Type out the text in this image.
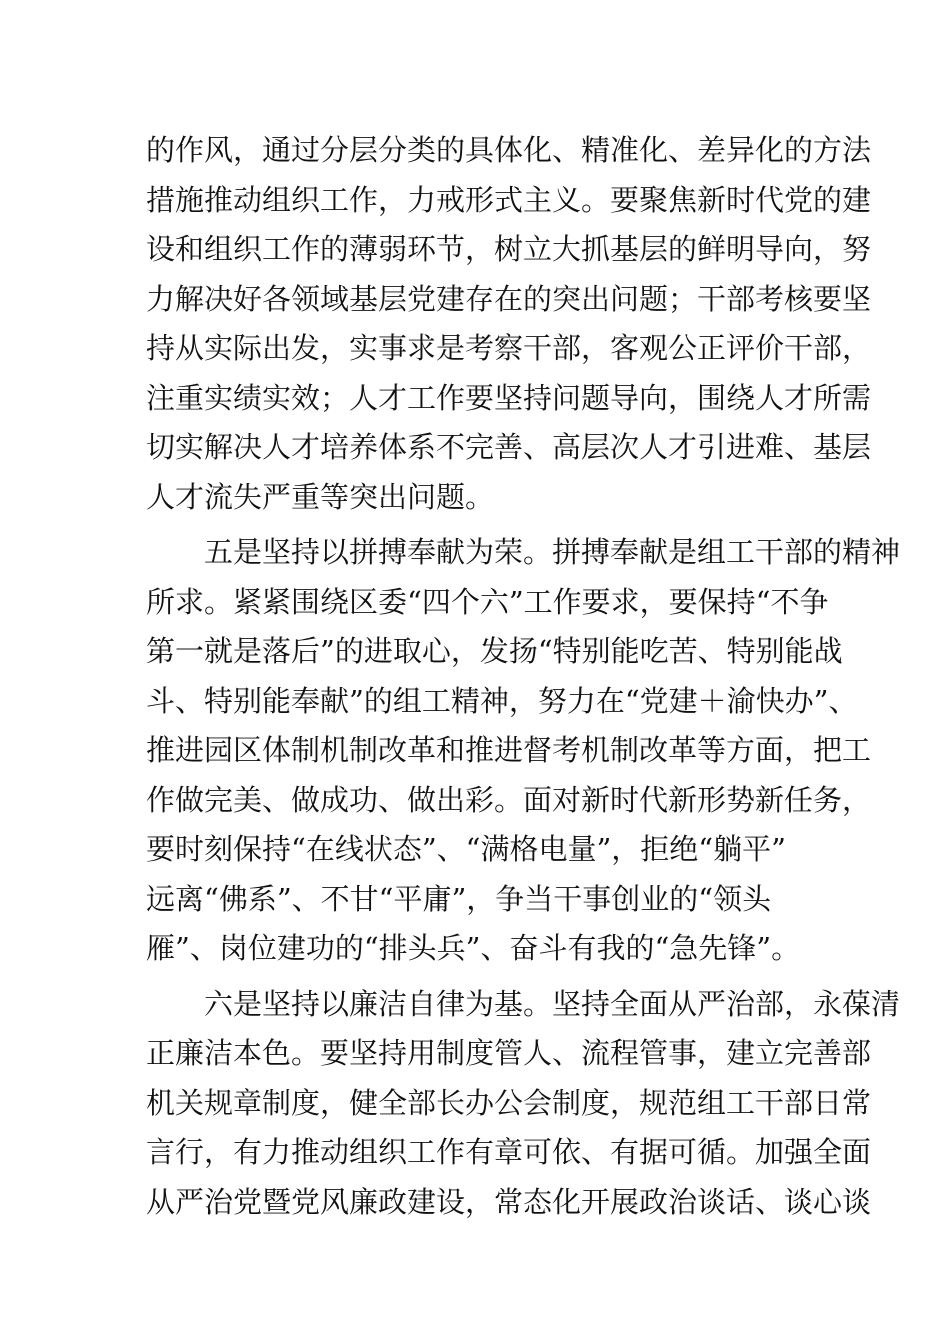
的作风，通过分层分类的具体化、精准化、差异化的方法
措施推动组织工作，力戒形式主义。要聚焦新时代党的建
设和组织工作的薄弱环节，树立大抓基层的鲜明导向，努
力解决好各领域基层党建存在的突出问题；干部考核要坚
持从实际出发，实事求是考察干部，客观公正评价干部，
注重实绩实效；人才工作要坚持问题导向，围绕人才所需
切实解决人才培养体系不完善、高层次人才引进难、基层
人才流失严重等突出问题。
　　五是坚持以拼搏奉献为荣。拼搏奉献是组工干部的精神
所求。紧紧围绕区委“四个六”工作要求，要保持“不争
第一就是落后”的进取心，发扬“特别能吃苦、特别能战
斗、特别能奉献”的组工精神，努力在“党建＋渝快办”、
推进园区体制机制改革和推进督考机制改革等方面，把工
作做完美、做成功、做出彩。面对新时代新形势新任务，
要时刻保持“在线状态”、“满格电量”，拒绝“躺平”
远离“佛系”、不甘“平庸”，争当干事创业的“领头
雁”、岗位建功的“排头兵”、奋斗有我的“急先锋”。
　　六是坚持以廉洁自律为基。坚持全面从严治部，永葆清
正廉洁本色。要坚持用制度管人、流程管事，建立完善部
机关规章制度，健全部长办公会制度，规范组工干部日常
言行，有力推动组织工作有章可依、有据可循。加强全面
从严治党暨党风廉政建设，常态化开展政治谈话、谈心谈
